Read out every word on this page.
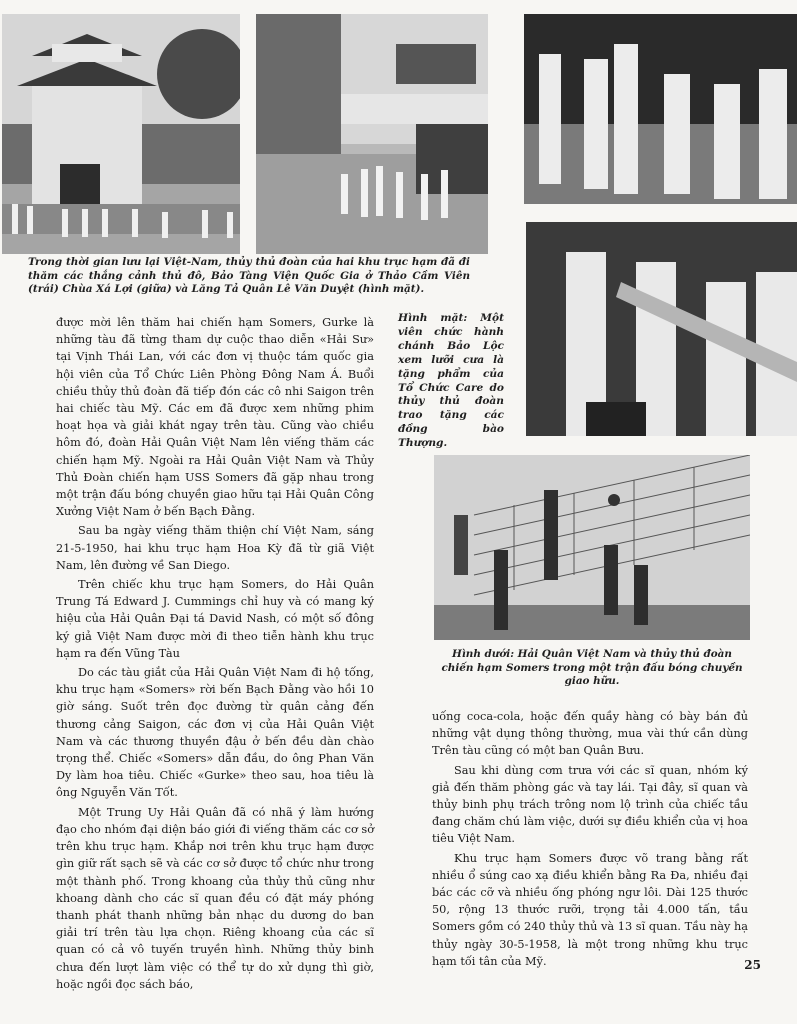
Trong thời gian lưu lại Việt-Nam, thủy thủ đoàn của hai khu trục hạm đã đi thăm các thắng cảnh thủ đô, Bảo Tàng Viện Quốc Gia ở Thảo Cầm Viên (trái) Chùa Xá Lợi (giữa) và Lăng Tả Quân Lê Văn Duyệt (hình mặt).
Hình mặt: Một viên chức hành chánh Bảo Lộc xem lưỡi cưa là tặng phẩm của Tổ Chức Care do thủy thủ đoàn trao tặng các đồng bào Thượng.
Hình dưới: Hải Quân Việt Nam và thủy thủ đoàn chiến hạm Somers trong một trận đấu bóng chuyền giao hữu.

được mời lên thăm hai chiến hạm Somers, Gurke là những tàu đã từng tham dự cuộc thao diễn «Hải Sư» tại Vịnh Thái Lan, với các đơn vị thuộc tám quốc gia hội viên của Tổ Chức Liên Phòng Đông Nam Á. Buổi chiều thủy thủ đoàn đã tiếp đón các cô nhi Saigon trên hai chiếc tàu Mỹ. Các em đã được xem những phim hoạt họa và giải khát ngay trên tàu. Cũng vào chiều hôm đó, đoàn Hải Quân Việt Nam lên viếng thăm các chiến hạm Mỹ. Ngoài ra Hải Quân Việt Nam và Thủy Thủ Đoàn chiến hạm USS Somers đã gặp nhau trong một trận đấu bóng chuyền giao hữu tại Hải Quân Công Xưởng Việt Nam ở bến Bạch Đằng.

Sau ba ngày viếng thăm thiện chí Việt Nam, sáng 21-5-1950, hai khu trục hạm Hoa Kỳ đã từ giã Việt Nam, lên đường về San Diego.

Trên chiếc khu trục hạm Somers, do Hải Quân Trung Tá Edward J. Cummings chỉ huy và có mang ký hiệu của Hải Quân Đại tá David Nash, có một số đông ký giả Việt Nam được mời đi theo tiễn hành khu trục hạm ra đến Vũng Tàu

Do các tàu giắt của Hải Quân Việt Nam đi hộ tống, khu trục hạm «Somers» rời bến Bạch Đằng vào hồi 10 giờ sáng. Suốt trên đọc đường từ quân cảng đến thương cảng Saigon, các đơn vị của Hải Quân Việt Nam và các thương thuyền đậu ở bến đều dàn chào trọng thể. Chiếc «Somers» dẫn đầu, do ông Phan Văn Dy làm hoa tiêu. Chiếc «Gurke» theo sau, hoa tiêu là ông Nguyễn Văn Tốt.

Một Trung Uy Hải Quân đã có nhã ý làm hướng đạo cho nhóm đại diện báo giới đi viếng thăm các cơ sở trên khu trục hạm. Khắp nơi trên khu trục hạm được gìn giữ rất sạch sẽ và các cơ sở được tổ chức như trong một thành phố. Trong khoang của thủy thủ cũng như khoang dành cho các sĩ quan đều có đặt máy phóng thanh phát thanh những bản nhạc du dương do ban giải trí trên tàu lựa chọn. Riêng khoang của các sĩ quan có cả vô tuyến truyền hình. Những thủy binh chưa đến lượt làm việc có thể tự do xử dụng thì giờ, hoặc ngồi đọc sách báo,

uống coca-cola, hoặc đến quầy hàng có bày bán đủ những vật dụng thông thường, mua vài thứ cần dùng Trên tàu cũng có một ban Quân Bưu.

Sau khi dùng cơm trưa với các sĩ quan, nhóm ký giả đến thăm phòng gác và tay lái. Tại đây, sĩ quan và thủy binh phụ trách trông nom lộ trình của chiếc tầu đang chăm chú làm việc, dưới sự điều khiển của vị hoa tiêu Việt Nam.

Khu trục hạm Somers được võ trang bằng rất nhiều ổ súng cao xạ điều khiển bằng Ra Đa, nhiều đại bác các cỡ và nhiều ống phóng ngư lôi. Dài 125 thước 50, rộng 13 thước rưỡi, trọng tải 4.000 tấn, tầu Somers gồm có 240 thủy thủ và 13 sĩ quan. Tầu này hạ thủy ngày 30-5-1958, là một trong những khu trục hạm tối tân của Mỹ.	25
